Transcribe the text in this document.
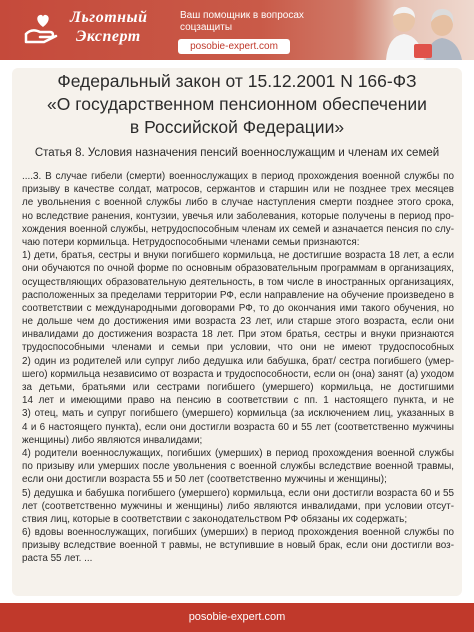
Льготный
Эксперт
Ваш помощник в вопросах
соцзащиты
posobie-expert.com
Федеральный закон от 15.12.2001 N 166-ФЗ
«О государственном пенсионном обеспечении
в Российской Федерации»
Статья 8. Условия назначения пенсий военнослужащим и членам их семей
....3. В случае гибели (смерти) военнослужащих в период прохождения военной службы по
призыву в качестве солдат, матросов, сержантов и старшин или не позднее трех месяцев
ле увольнения с военной службы либо в случае наступления смерти позднее этого срока,
но вследствие ранения, контузии, увечья или заболевания, которые получены в период про-
хождения военной службы, нетрудоспособным членам их семей и азначается пенсия по слу-
чаю потери кормильца. Нетрудоспособными членами семьи признаются:
1) дети, братья, сестры и внуки погибшего кормильца, не достигшие возраста 18 лет, а если
они обучаются по очной форме по основным образовательным программам в организациях,
осуществляющих образовательную деятельность, в том числе в иностранных организациях,
расположенных за пределами территории РФ, если направление на обучение произведено в
соответствии с международными договорами РФ, то до окончания ими такого обучения, но
не дольше чем до достижения ими возраста 23 лет, или старше этого возраста, если они
инвалидами до достижения возраста 18 лет. При этом братья, сестры и внуки признаются
трудоспособными членами и семьи при условии, что они не имеют трудоспособных
2) один из родителей или супруг либо дедушка или бабушка, брат/ сестра погибшего (умер-
шего) кормильца независимо от возраста и трудоспособности, если он (она) занят (а) уходом
за детьми, братьями или сестрами погибшего (умершего) кормильца, не достигшими
14 лет и имеющими право на пенсию в соответствии с пп. 1 настоящего пункта, и не
3) отец, мать и супруг погибшего (умершего) кормильца (за исключением лиц, указанных в
4 и 6 настоящего пункта), если они достигли возраста 60 и 55 лет (соответственно мужчины
женщины) либо являются инвалидами;
4) родители военнослужащих, погибших (умерших) в период прохождения военной службы
по призыву или умерших после увольнения с военной службы вследствие военной травмы,
если они достигли возраста 55 и 50 лет (соответственно мужчины и женщины);
5) дедушка и бабушка погибшего (умершего) кормильца, если они достигли возраста 60 и 55
лет (соответственно мужчины и женщины) либо являются инвалидами, при условии отсут-
ствия лиц, которые в соответствии с законодательством РФ обязаны их содержать;
6) вдовы военнослужащих, погибших (умерших) в период прохождения военной службы по
призыву вследствие военной т равмы, не вступившие в новый брак, если они достигли воз-
раста 55 лет. ...
posobie-expert.com
